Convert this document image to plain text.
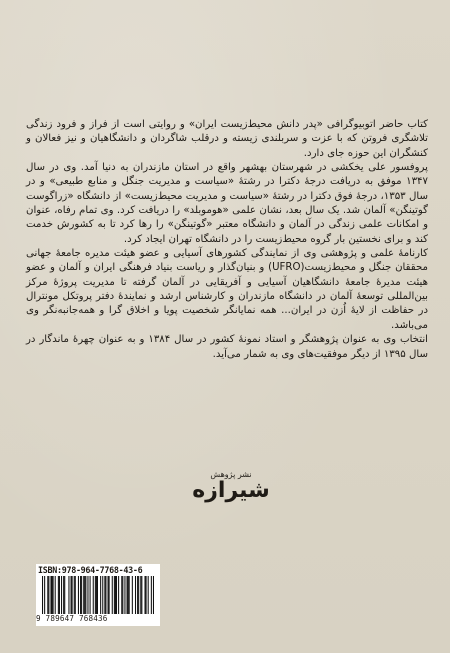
کتاب حاضر اتوبیوگرافی «پدر دانش محیط‌زیست ایران» و روایتی است از فراز و فرود زندگی تلاشگری فروتن که با عزت و سربلندی زیسته و درقلب شاگردان و دانشگاهیان و نیز فعالان و کنشگران این حوزه جای دارد.

پروفسور علی یخکشی در شهرستان بهشهر واقع در استان مازندران به دنیا آمد. وی در سال ۱۳۴۷ موفق به دریافت درجهٔ دکترا در رشتهٔ «سیاست و مدیریت جنگل و منابع طبیعی» و در سال ۱۳۵۳، درجهٔ فوق دکترا در رشتهٔ «سیاست و مدیریت محیط‌زیست» از دانشگاه «زراگوست گوتینگن» آلمان شد. یک سال بعد، نشان علمی «هوموبلد» را دریافت کرد. وی تمام رفاه، عنوان و امکانات علمی زندگی در آلمان و دانشگاه معتبر «گوتینگن» را رها کرد تا به کشورش خدمت کند و برای نخستین بار گروه محیط‌زیست را در دانشگاه تهران ایجاد کرد.

کارنامهٔ علمی و پژوهشی وی از نمایندگی کشورهای آسیایی و عضو هیئت مدیره جامعهٔ جهانی محققان جنگل و محیط‌زیست(UFRO) و بنیان‌گذار و ریاست بنیاد فرهنگی ایران و آلمان و عضو هیئت مدیرهٔ جامعهٔ دانشگاهیان آسیایی و آفریقایی در آلمان گرفته تا مدیریت پروژهٔ مرکز بین‌المللی توسعهٔ آلمان در دانشگاه مازندران و کارشناس ارشد و نمایندهٔ دفتر پروتکل مونترال در حفاظت از لایهٔ اُزن در ایران... همه نمایانگر شخصیت پویا و اخلاق گرا و همه‌جانبه‌نگر وی می‌باشد.

انتخاب وی به عنوان پژوهشگر و استاد نمونهٔ کشور در سال ۱۳۸۴ و به عنوان چهرهٔ ماندگار در سال ۱۳۹۵ از دیگر موفقیت‌های وی به شمار می‌آید.

نشر پژوهش
شیرازه
ISBN:978-964-7768-43-6
9 789647 768436
